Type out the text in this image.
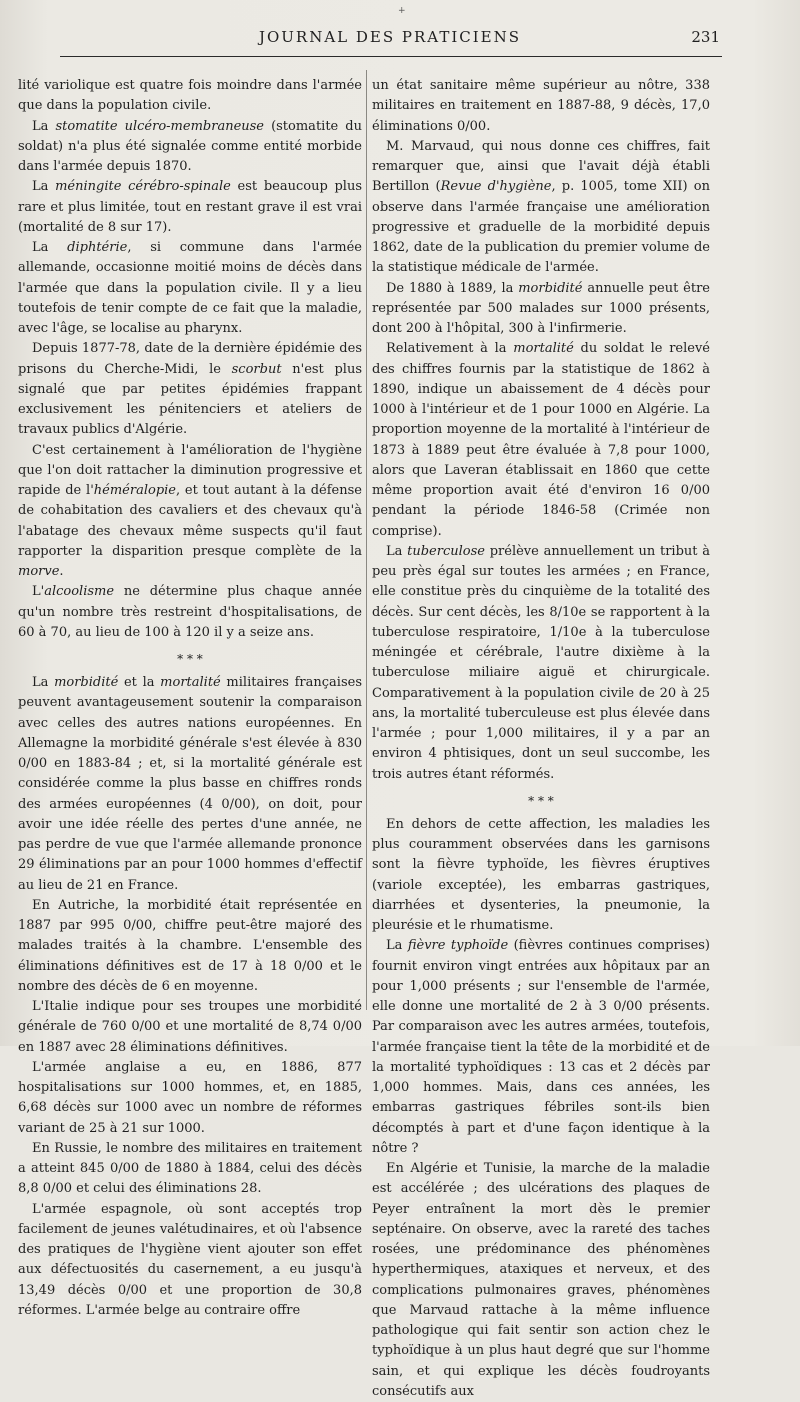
+
JOURNAL DES PRATICIENS	231

lité variolique est quatre fois moindre dans l'armée que dans la population civile.

La stomatite ulcéro-membraneuse (stomatite du soldat) n'a plus été signalée comme entité morbide dans l'armée depuis 1870.

La méningite cérébro-spinale est beaucoup plus rare et plus limitée, tout en restant grave il est vrai (mortalité de 8 sur 17).

La diphtérie, si commune dans l'armée allemande, occasionne moitié moins de décès dans l'armée que dans la population civile. Il y a lieu toutefois de tenir compte de ce fait que la maladie, avec l'âge, se localise au pharynx.

Depuis 1877-78, date de la dernière épidémie des prisons du Cherche-Midi, le scorbut n'est plus signalé que par petites épidémies frappant exclusivement les pénitenciers et ateliers de travaux publics d'Algérie.

C'est certainement à l'amélioration de l'hygiène que l'on doit rattacher la diminution progressive et rapide de l'héméralopie, et tout autant à la défense de cohabitation des cavaliers et des chevaux qu'à l'abatage des chevaux même suspects qu'il faut rapporter la disparition presque complète de la morve.

L'alcoolisme ne détermine plus chaque année qu'un nombre très restreint d'hospitalisations, de 60 à 70, au lieu de 100 à 120 il y a seize ans.

* * *

La morbidité et la mortalité militaires françaises peuvent avantageusement soutenir la comparaison avec celles des autres nations européennes. En Allemagne la morbidité générale s'est élevée à 830 0/00 en 1883-84 ; et, si la mortalité générale est considérée comme la plus basse en chiffres ronds des armées européennes (4 0/00), on doit, pour avoir une idée réelle des pertes d'une année, ne pas perdre de vue que l'armée allemande prononce 29 éliminations par an pour 1000 hommes d'effectif au lieu de 21 en France.

En Autriche, la morbidité était représentée en 1887 par 995 0/00, chiffre peut-être majoré des malades traités à la chambre. L'ensemble des éliminations définitives est de 17 à 18 0/00 et le nombre des décès de 6 en moyenne.

L'Italie indique pour ses troupes une morbidité générale de 760 0/00 et une mortalité de 8,74 0/00 en 1887 avec 28 éliminations définitives.

L'armée anglaise a eu, en 1886, 877 hospitalisations sur 1000 hommes, et, en 1885, 6,68 décès sur 1000 avec un nombre de réformes variant de 25 à 21 sur 1000.

En Russie, le nombre des militaires en traitement a atteint 845 0/00 de 1880 à 1884, celui des décès 8,8 0/00 et celui des éliminations 28.

L'armée espagnole, où sont acceptés trop facilement de jeunes valétudinaires, et où l'absence des pratiques de l'hygiène vient ajouter son effet aux défectuosités du casernement, a eu jusqu'à 13,49 décès 0/00 et une proportion de 30,8 réformes. L'armée belge au contraire offre

un état sanitaire même supérieur au nôtre, 338 militaires en traitement en 1887-88, 9 décès, 17,0 éliminations 0/00.

M. Marvaud, qui nous donne ces chiffres, fait remarquer que, ainsi que l'avait déjà établi Bertillon (Revue d'hygiène, p. 1005, tome XII) on observe dans l'armée française une amélioration progressive et graduelle de la morbidité depuis 1862, date de la publication du premier volume de la statistique médicale de l'armée.

De 1880 à 1889, la morbidité annuelle peut être représentée par 500 malades sur 1000 présents, dont 200 à l'hôpital, 300 à l'infirmerie.

Relativement à la mortalité du soldat le relevé des chiffres fournis par la statistique de 1862 à 1890, indique un abaissement de 4 décès pour 1000 à l'intérieur et de 1 pour 1000 en Algérie. La proportion moyenne de la mortalité à l'intérieur de 1873 à 1889 peut être évaluée à 7,8 pour 1000, alors que Laveran établissait en 1860 que cette même proportion avait été d'environ 16 0/00 pendant la période 1846-58 (Crimée non comprise).

La tuberculose prélève annuellement un tribut à peu près égal sur toutes les armées ; en France, elle constitue près du cinquième de la totalité des décès. Sur cent décès, les 8/10e se rapportent à la tuberculose respiratoire, 1/10e à la tuberculose méningée et cérébrale, l'autre dixième à la tuberculose miliaire aiguë et chirurgicale. Comparativement à la population civile de 20 à 25 ans, la mortalité tuberculeuse est plus élevée dans l'armée ; pour 1,000 militaires, il y a par an environ 4 phtisiques, dont un seul succombe, les trois autres étant réformés.

* * *

En dehors de cette affection, les maladies les plus couramment observées dans les garnisons sont la fièvre typhoïde, les fièvres éruptives (variole exceptée), les embarras gastriques, diarrhées et dysenteries, la pneumonie, la pleurésie et le rhumatisme.

La fièvre typhoïde (fièvres continues comprises) fournit environ vingt entrées aux hôpitaux par an pour 1,000 présents ; sur l'ensemble de l'armée, elle donne une mortalité de 2 à 3 0/00 présents. Par comparaison avec les autres armées, toutefois, l'armée française tient la tête de la morbidité et de la mortalité typhoïdiques : 13 cas et 2 décès par 1,000 hommes. Mais, dans ces années, les embarras gastriques fébriles sont-ils bien décomptés à part et d'une façon identique à la nôtre ?

En Algérie et Tunisie, la marche de la maladie est accélérée ; des ulcérations des plaques de Peyer entraînent la mort dès le premier septénaire. On observe, avec la rareté des taches rosées, une prédominance des phénomènes hyperthermiques, ataxiques et nerveux, et des complications pulmonaires graves, phénomènes que Marvaud rattache à la même influence pathologique qui fait sentir son action chez le typhoïdique à un plus haut degré que sur l'homme sain, et qui explique les décès foudroyants consécutifs aux
